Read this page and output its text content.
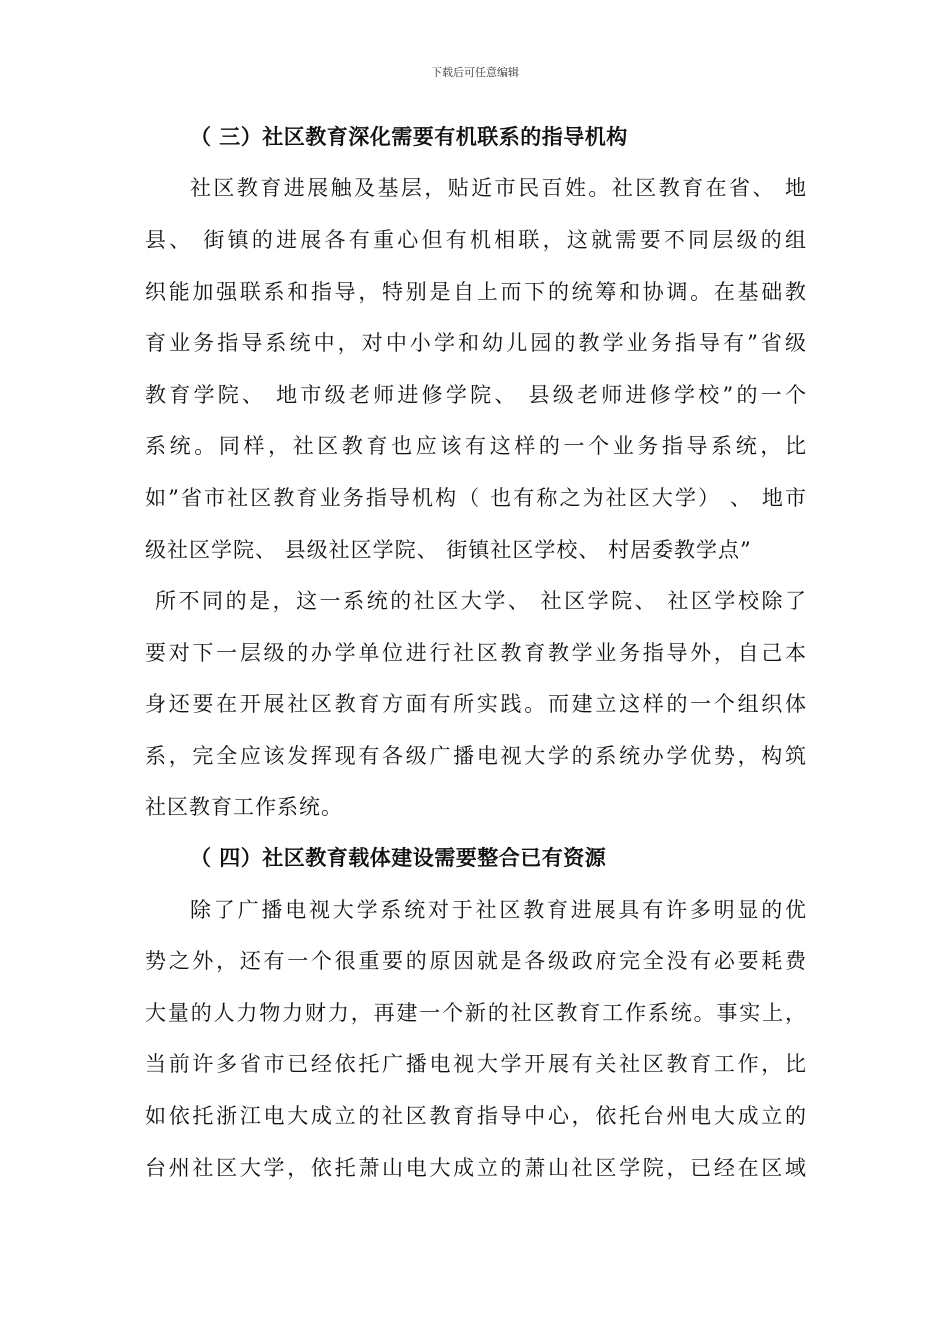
下载后可任意编辑
（ 三）社区教育深化需要有机联系的指导机构
社区教育进展触及基层，贴近市民百姓。社区教育在省、 地
县、 街镇的进展各有重心但有机相联，这就需要不同层级的组
织能加强联系和指导，特别是自上而下的统筹和协调。在基础教
育业务指导系统中，对中小学和幼儿园的教学业务指导有”省级
教育学院、 地市级老师进修学院、 县级老师进修学校”的一个
系统。同样，社区教育也应该有这样的一个业务指导系统，比
如”省市社区教育业务指导机构（ 也有称之为社区大学） 、 地市
级社区学院、 县级社区学院、 街镇社区学校、 村居委教学点”
所不同的是，这一系统的社区大学、 社区学院、 社区学校除了
要对下一层级的办学单位进行社区教育教学业务指导外，自己本
身还要在开展社区教育方面有所实践。而建立这样的一个组织体
系，完全应该发挥现有各级广播电视大学的系统办学优势，构筑
社区教育工作系统。
（ 四）社区教育载体建设需要整合已有资源
除了广播电视大学系统对于社区教育进展具有许多明显的优
势之外，还有一个很重要的原因就是各级政府完全没有必要耗费
大量的人力物力财力，再建一个新的社区教育工作系统。事实上，
当前许多省市已经依托广播电视大学开展有关社区教育工作，比
如依托浙江电大成立的社区教育指导中心，依托台州电大成立的
台州社区大学，依托萧山电大成立的萧山社区学院，已经在区域
